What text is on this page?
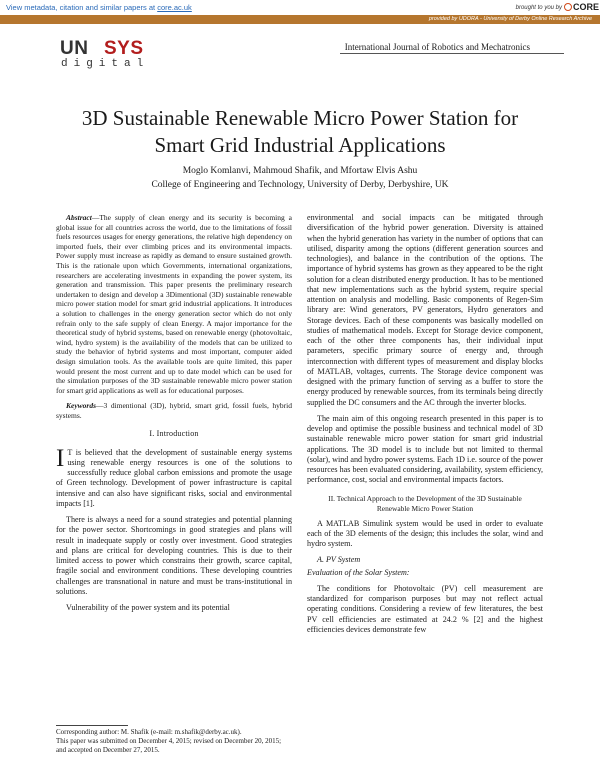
View metadata, citation and similar papers at core.ac.uk	brought to you by CORE
provided by UDORA - University of Derby Online Research Archive
UN SYS
digital
International Journal of Robotics and Mechatronics
3D Sustainable Renewable Micro Power Station for
Smart Grid Industrial Applications
Moglo Komlanvi, Mahmoud Shafik, and Mfortaw Elvis Ashu
College of Engineering and Technology, University of Derby, Derbyshire, UK

Abstract—The supply of clean energy and its security is becoming a global issue for all countries across the world, due to the limitations of fossil fuels resources usages for energy generations, the relative high dependency on imported fuels, their ever climbing prices and its environmental impacts. Power supply must increase as rapidly as demand to ensure sustained growth. This is the rationale upon which Governments, international organizations, researchers are accelerating investments in expanding the power system, its generation and transmission. This paper presents the preliminary research undertaken to design and develop a 3Dimentional (3D) sustainable renewable micro power station model for smart grid industrial applications. It introduces a solution to challenges in the energy generation sector which do not only refrain only to the safe supply of clean Energy. A major importance for the theoretical study of hybrid systems, based on renewable energy (photovoltaic, wind, hydro system) is the availability of the models that can be utilized to study the behavior of hybrid systems and most important, computer aided design simulation tools. As the available tools are quite limited, this paper would present the most current and up to date model which can be used for the simulation purposes of the 3D sustainable renewable micro power station for smart grid applications as well as for educational purposes.

Keywords—3 dimentional (3D), hybrid, smart grid, fossil fuels, hybrid systems.

I. Introduction

I T is believed that the development of sustainable energy systems using renewable energy resources is one of the solutions to successfully reduce global carbon emissions and promote the usage of Green technology. Development of power infrastructure is capital intensive and can also have significant risks, social and environmental impacts [1].

There is always a need for a sound strategies and potential planning for the power sector. Shortcomings in good strategies and plans will result in inadequate supply or costly over investment. Good strategies and plans are critical for developing countries. This is due to their limited access to power which constrains their growth, scarce capital, fragile social and environment conditions. These developing countries challenges are transnational in nature and must be trans-institutional in solutions.

Vulnerability of the power system and its potential

Corresponding author: M. Shafik (e-mail: m.shafik@derby.ac.uk).
This paper was submitted on December 4, 2015; revised on December 20, 2015; and accepted on December 27, 2015.

environmental and social impacts can be mitigated through diversification of the hybrid power generation. Diversity is attained when the hybrid generation has variety in the number of options that can utilised, disparity among the options (different generation sources and technologies), and balance in the contribution of the options. The importance of hybrid systems has grown as they appeared to be the right solution for a clean distributed energy production. It has to be mentioned that new implementations such as the hybrid system, require special attention on analysis and modelling. Basic components of Regen-Sim library are: Wind generators, PV generators, Hydro generators and Storage devices. Each of these components was basically modelled on studies of mathematical models. Except for Storage device component, each of the other three components has, their individual input parameters, specific primary source of energy and, through interconnection with different types of measurement and display blocks of MATLAB, voltages, currents. The Storage device component was designed with the primary function of serving as a buffer to store the energy produced by renewable sources, from its terminals being directly supplied the DC consumers and the AC through the inverter blocks.

The main aim of this ongoing research presented in this paper is to develop and optimise the possible business and technical model of 3D sustainable renewable micro power station for smart grid industrial applications. The 3D model is to include but not limited to thermal (solar), wind and hydro power systems. Each 1D i.e. source of the power resources has been evaluated considering, availability, system efficiency, performance, cost, social and environmental impacts factors.

II. Technical Approach to the Development of the 3D Sustainable Renewable Micro Power Station

A MATLAB Simulink system would be used in order to evaluate each of the 3D elements of the design; this includes the solar, wind and hydro system.

A. PV System
Evaluation of the Solar System:

The conditions for Photovoltaic (PV) cell measurement are standardized for comparison purposes but may not reflect actual operating conditions. Considering a review of few literatures, the best PV cell efficiencies are estimated at 24.2 % [2] and the highest efficiencies devices demonstrate few
